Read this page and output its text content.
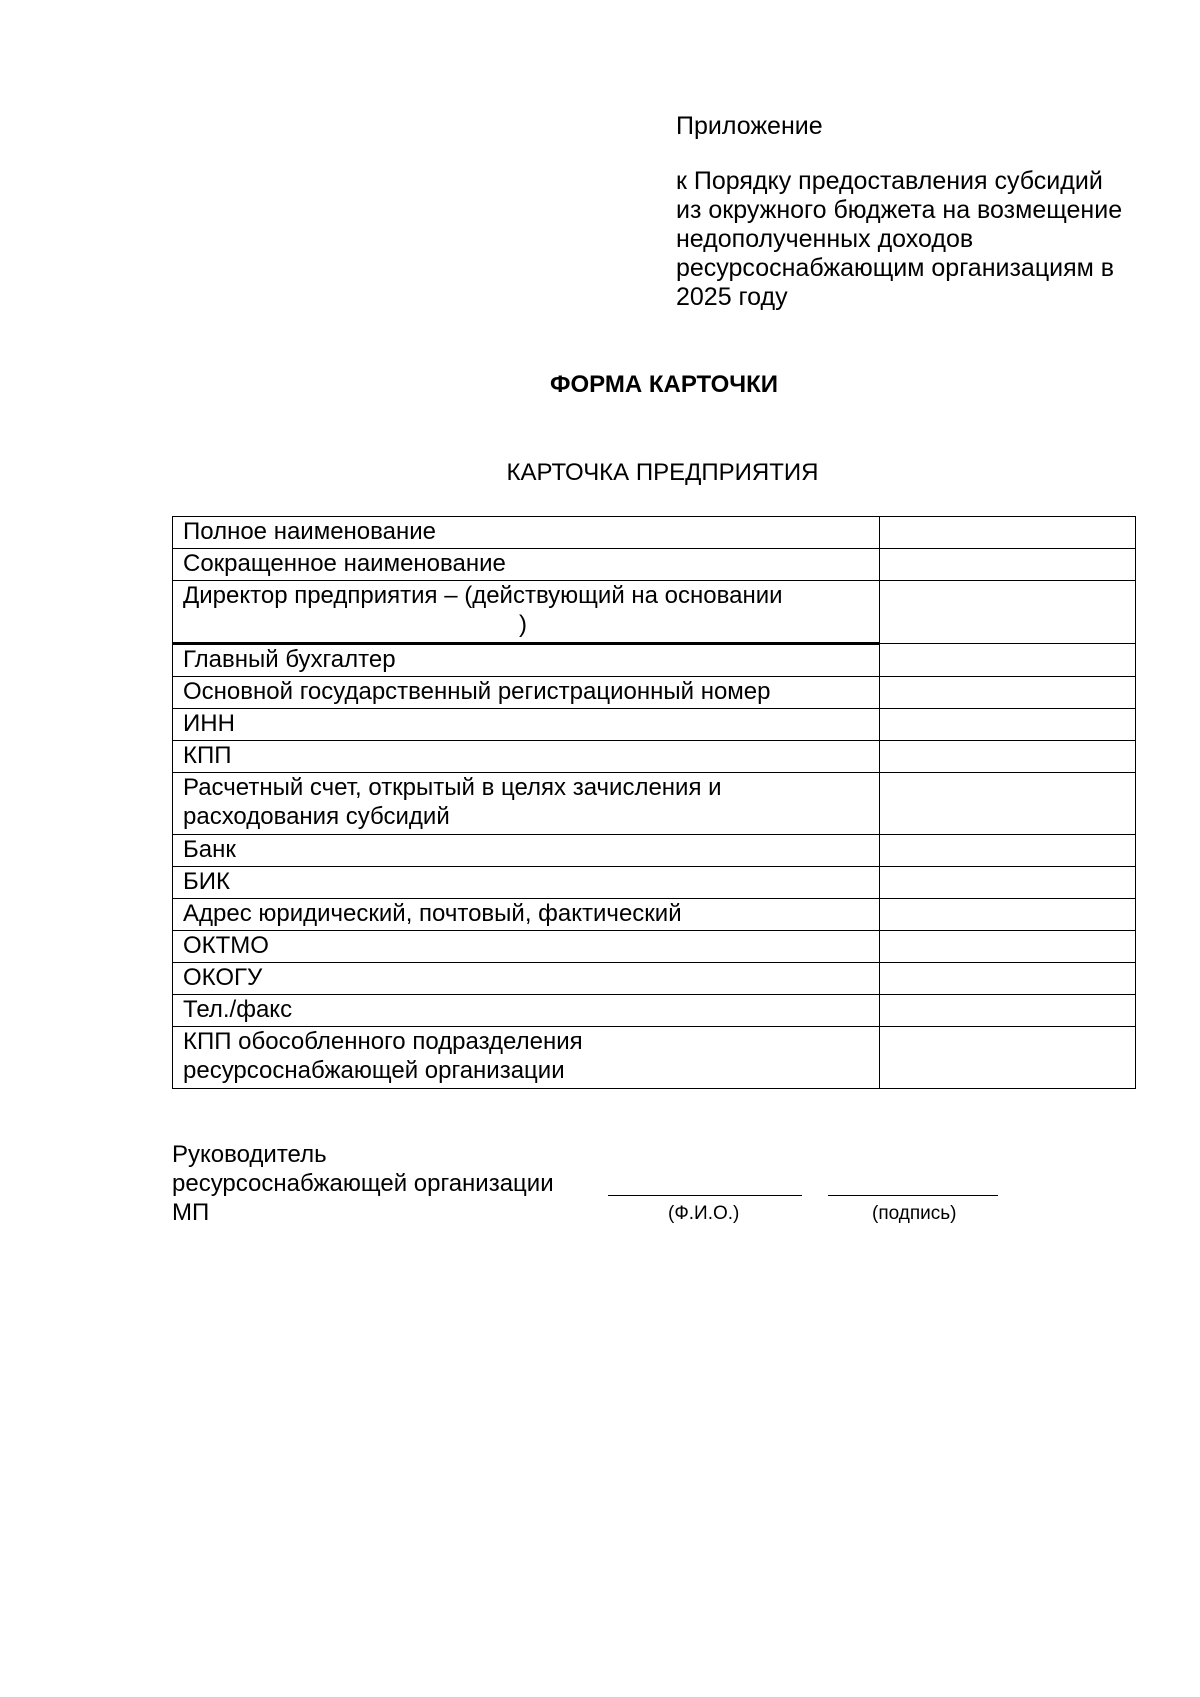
Приложение

к Порядку предоставления субсидий
из окружного бюджета на возмещение
недополученных доходов
ресурсоснабжающим организациям в
2025 году
ФОРМА КАРТОЧКИ
КАРТОЧКА ПРЕДПРИЯТИЯ
Полное наименование	
Сокращенное наименование	
Директор предприятия – (действующий на основании
)	

Главный бухгалтер	
Основной государственный регистрационный номер	
ИНН	
КПП	
Расчетный счет, открытый в целях зачисления и
расходования субсидий	
Банк	
БИК	
Адрес юридический, почтовый, фактический	
ОКТМО	
ОКОГУ	
Тел./факс	
КПП обособленного подразделения
ресурсоснабжающей организации	
Руководитель
ресурсоснабжающей организации
МП	(Ф.И.О.)	(подпись)
